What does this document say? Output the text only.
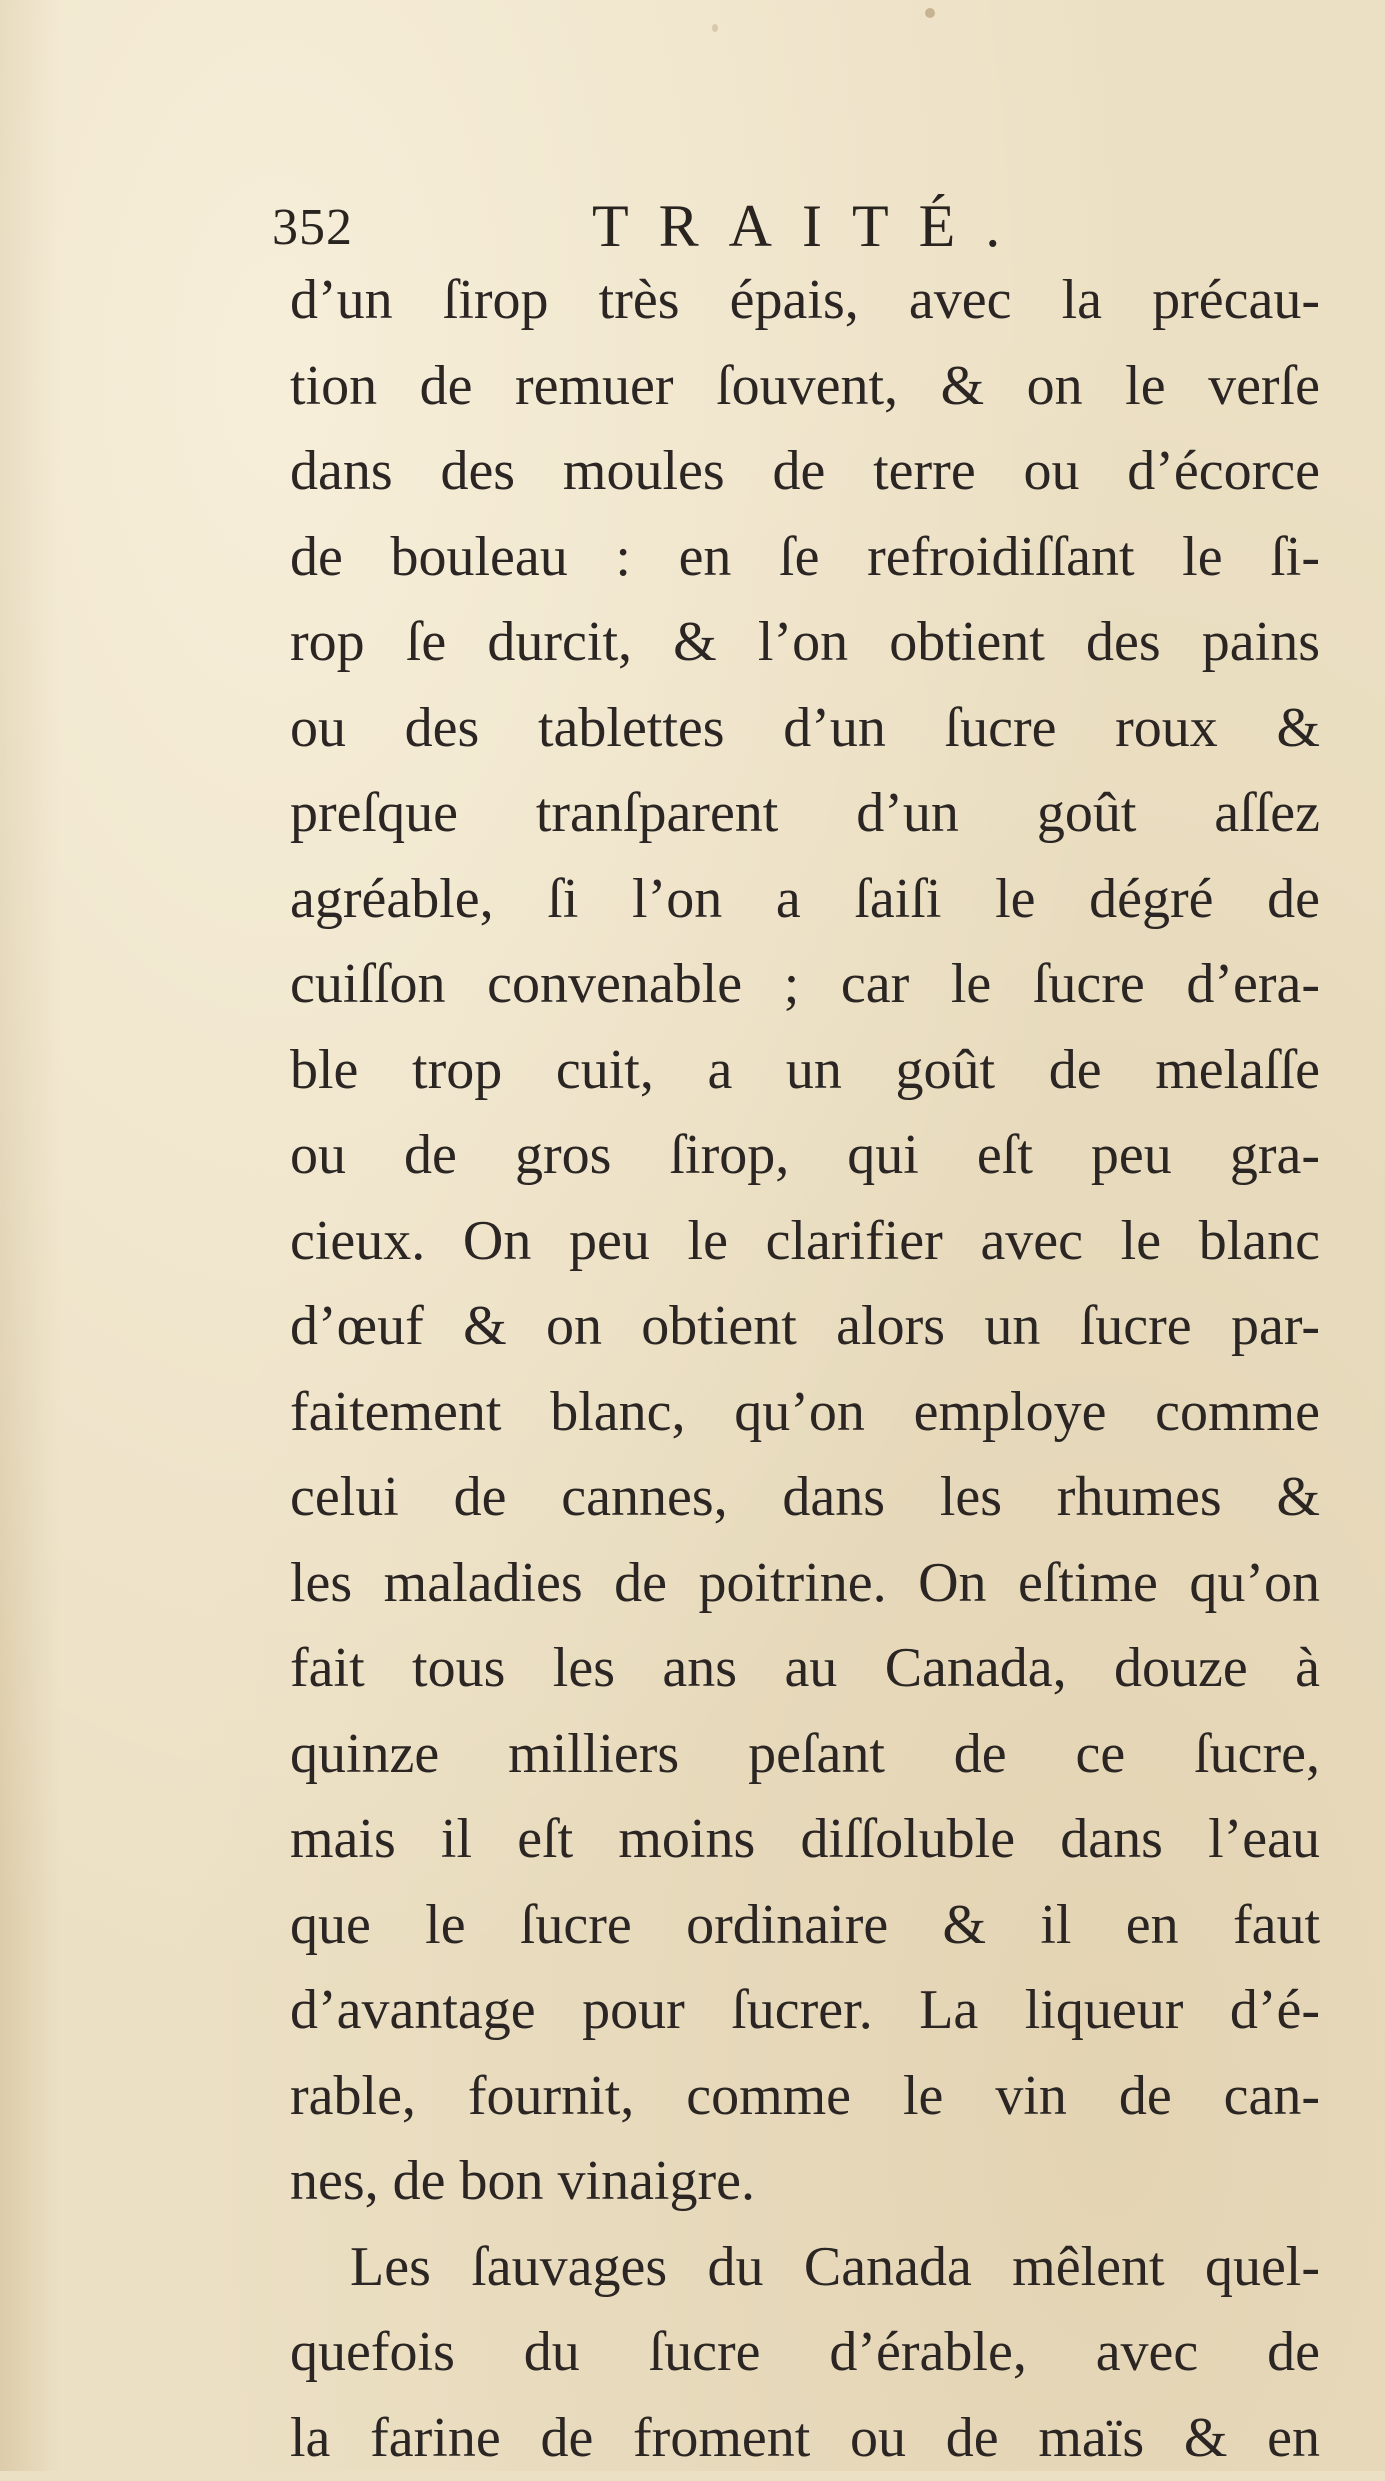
352	TRAITÉ.
d’un ſirop très épais, avec la précau-
tion de remuer ſouvent, & on le verſe
dans des moules de terre ou d’écorce
de bouleau : en ſe refroidiſſant le ſi-
rop ſe durcit, & l’on obtient des pains
ou des tablettes d’un ſucre roux &
preſque tranſparent d’un goût aſſez
agréable, ſi l’on a ſaiſi le dégré de
cuiſſon convenable ; car le ſucre d’era-
ble trop cuit, a un goût de melaſſe
ou de gros ſirop, qui eſt peu gra-
cieux. On peu le clarifier avec le blanc
d’œuf & on obtient alors un ſucre par-
faitement blanc, qu’on employe comme
celui de cannes, dans les rhumes &
les maladies de poitrine. On eſtime qu’on
fait tous les ans au Canada, douze à
quinze milliers peſant de ce ſucre,
mais il eſt moins diſſoluble dans l’eau
que le ſucre ordinaire & il en faut
d’avantage pour ſucrer. La liqueur d’é-
rable, fournit, comme le vin de can-
nes, de bon vinaigre.
Les ſauvages du Canada mêlent quel-
quefois du ſucre d’érable, avec de
la farine de froment ou de maïs & en
